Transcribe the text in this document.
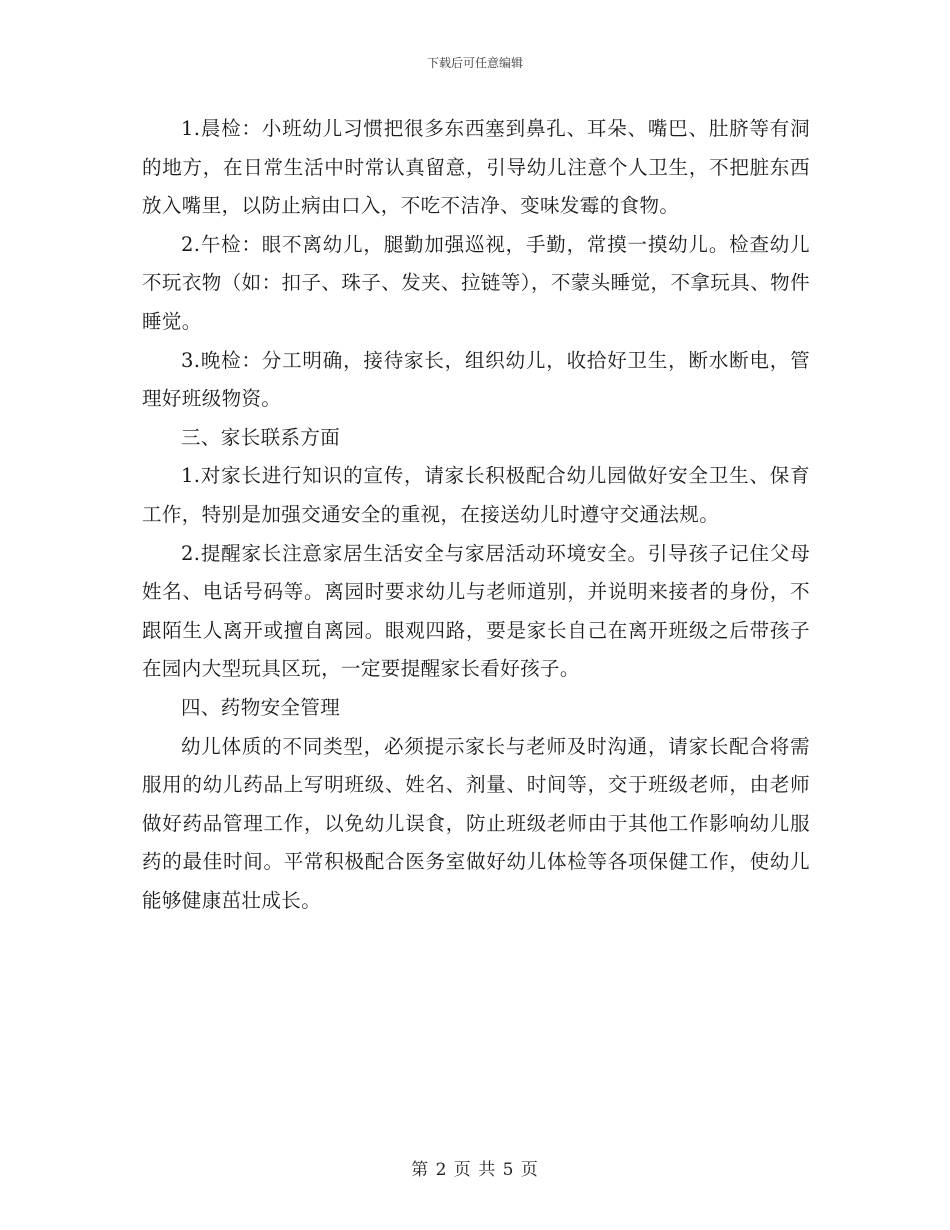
下载后可任意编辑

1.晨检：小班幼儿习惯把很多东西塞到鼻孔、耳朵、嘴巴、肚脐等有洞的地方，在日常生活中时常认真留意，引导幼儿注意个人卫生，不把脏东西放入嘴里，以防止病由口入，不吃不洁净、变味发霉的食物。

2.午检：眼不离幼儿，腿勤加强巡视，手勤，常摸一摸幼儿。检查幼儿不玩衣物（如：扣子、珠子、发夹、拉链等），不蒙头睡觉，不拿玩具、物件睡觉。

3.晚检：分工明确，接待家长，组织幼儿，收拾好卫生，断水断电，管理好班级物资。

三、家长联系方面

1.对家长进行知识的宣传，请家长积极配合幼儿园做好安全卫生、保育工作，特别是加强交通安全的重视，在接送幼儿时遵守交通法规。

2.提醒家长注意家居生活安全与家居活动环境安全。引导孩子记住父母姓名、电话号码等。离园时要求幼儿与老师道别，并说明来接者的身份，不跟陌生人离开或擅自离园。眼观四路，要是家长自己在离开班级之后带孩子在园内大型玩具区玩，一定要提醒家长看好孩子。

四、药物安全管理

幼儿体质的不同类型，必须提示家长与老师及时沟通，请家长配合将需服用的幼儿药品上写明班级、姓名、剂量、时间等，交于班级老师，由老师做好药品管理工作，以免幼儿误食，防止班级老师由于其他工作影响幼儿服药的最佳时间。平常积极配合医务室做好幼儿体检等各项保健工作，使幼儿能够健康茁壮成长。

第 2 页 共 5 页
